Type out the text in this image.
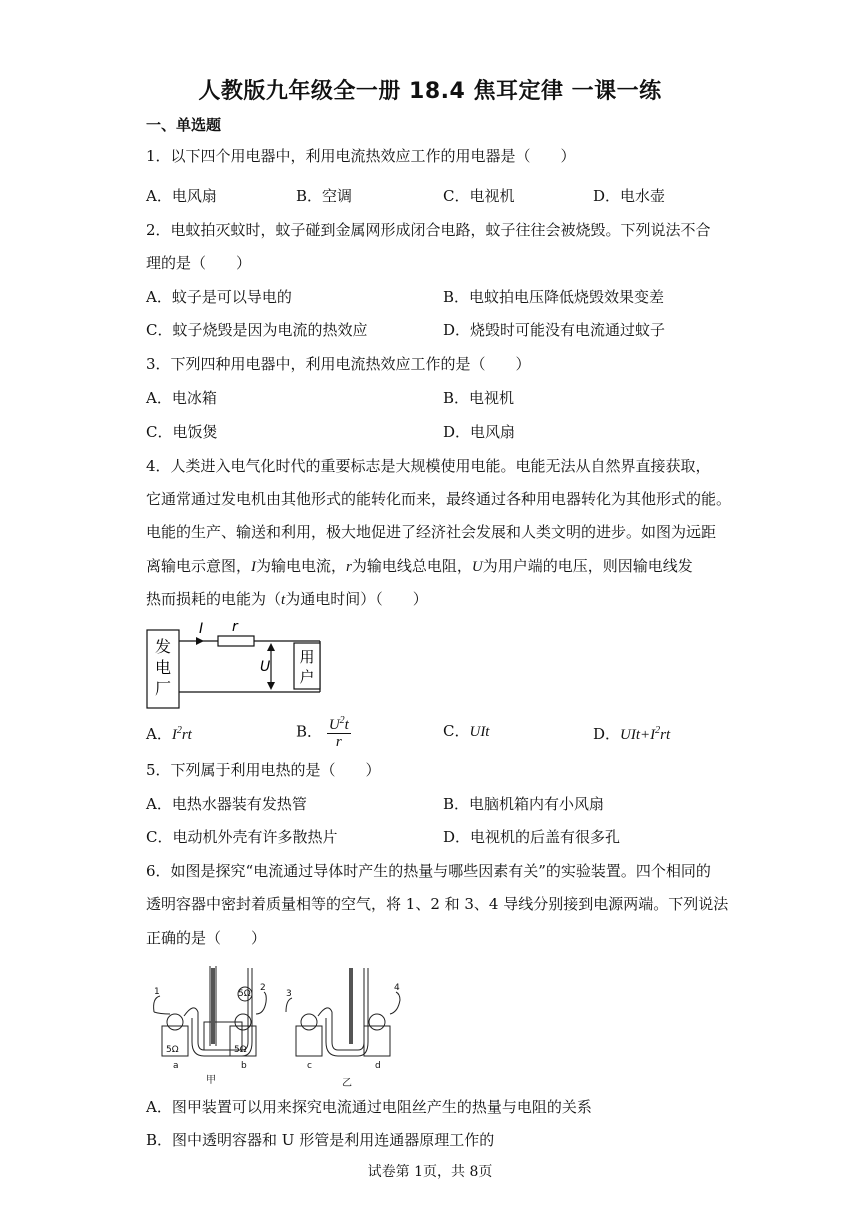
人教版九年级全一册 18.4 焦耳定律 一课一练
一、单选题
1．以下四个用电器中，利用电流热效应工作的用电器是（　　）
A．电风扇	B．空调	C．电视机	D．电水壶
2．电蚊拍灭蚊时，蚊子碰到金属网形成闭合电路，蚊子往往会被烧毁。下列说法不合
理的是（　　）
A．蚊子是可以导电的	B．电蚊拍电压降低烧毁效果变差
C．蚊子烧毁是因为电流的热效应	D．烧毁时可能没有电流通过蚊子
3．下列四种用电器中，利用电流热效应工作的是（　　）
A．电冰箱	B．电视机
C．电饭煲	D．电风扇
4．人类进入电气化时代的重要标志是大规模使用电能。电能无法从自然界直接获取，
它通常通过发电机由其他形式的能转化而来，最终通过各种用电器转化为其他形式的能。
电能的生产、输送和利用，极大地促进了经济社会发展和人类文明的进步。如图为远距
离输电示意图，I为输电电流，r为输电线总电阻，U为用户端的电压，则因输电线发
热而损耗的电能为（t为通电时间）（　　）
发
电
厂
I r
用
户
U
A．$I^2rt$	B． $\frac{U^2t}{r}$	C．UIt	D．$UIt+I^2rt$
5．下列属于利用电热的是（　　）
A．电热水器装有发热管	B．电脑机箱内有小风扇
C．电动机外壳有许多散热片	D．电视机的后盖有很多孔
6．如图是探究“电流通过导体时产生的热量与哪些因素有关”的实验装置。四个相同的
透明容器中密封着质量相等的空气，将 1、2 和 3、4 导线分别接到电源两端。下列说法
正确的是（　　）
1	2
3
4
5Ω	5Ω
5Ω
a	b	c	d
甲	乙
A．图甲装置可以用来探究电流通过电阻丝产生的热量与电阻的关系
B．图中透明容器和 U 形管是利用连通器原理工作的
试卷第 1页，共 8页
